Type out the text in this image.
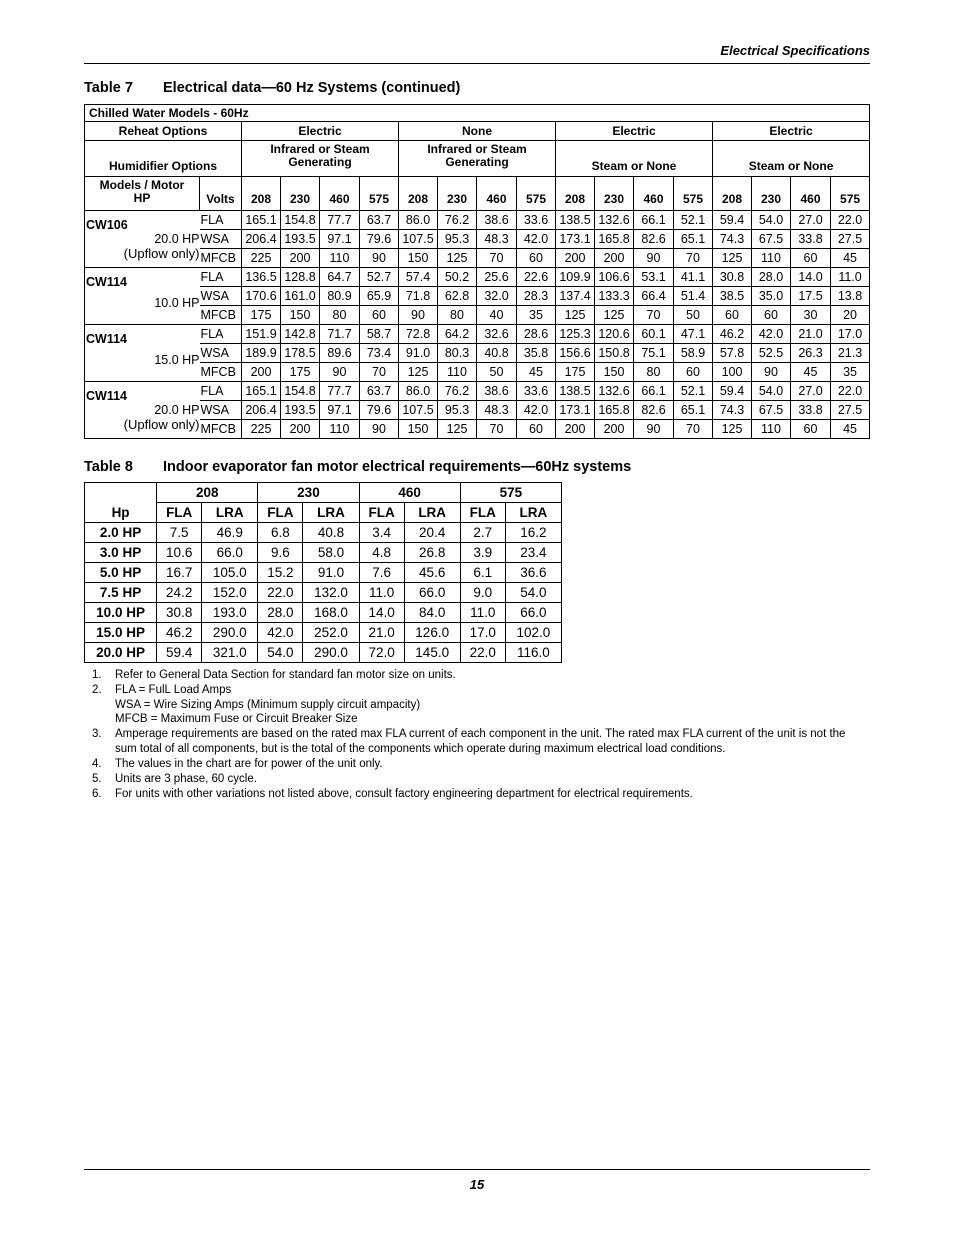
Electrical Specifications
Table 7 Electrical data—60 Hz Systems (continued)
Chilled Water Models - 60Hz																	
Reheat Options		Electric				None				Electric				Electric			
Humidifier Options		Infrared or Steam Generating				Infrared or Steam Generating				Steam or None				Steam or None			
Models / Motor HP	Volts	208	230	460	575	208	230	460	575	208	230	460	575	208	230	460	575

CW106
20.0 HP
(Upflow only)	FLA	165.1	154.8	77.7	63.7	86.0	76.2	38.6	33.6	138.5	132.6	66.1	52.1	59.4	54.0	27.0	22.0
	WSA	206.4	193.5	97.1	79.6	107.5	95.3	48.3	42.0	173.1	165.8	82.6	65.1	74.3	67.5	33.8	27.5
	MFCB	225	200	110	90	150	125	70	60	200	200	90	70	125	110	60	45

CW114
10.0 HP	FLA	136.5	128.8	64.7	52.7	57.4	50.2	25.6	22.6	109.9	106.6	53.1	41.1	30.8	28.0	14.0	11.0
	WSA	170.6	161.0	80.9	65.9	71.8	62.8	32.0	28.3	137.4	133.3	66.4	51.4	38.5	35.0	17.5	13.8
	MFCB	175	150	80	60	90	80	40	35	125	125	70	50	60	60	30	20

CW114
15.0 HP	FLA	151.9	142.8	71.7	58.7	72.8	64.2	32.6	28.6	125.3	120.6	60.1	47.1	46.2	42.0	21.0	17.0
	WSA	189.9	178.5	89.6	73.4	91.0	80.3	40.8	35.8	156.6	150.8	75.1	58.9	57.8	52.5	26.3	21.3
	MFCB	200	175	90	70	125	110	50	45	175	150	80	60	100	90	45	35

CW114
20.0 HP
(Upflow only)	FLA	165.1	154.8	77.7	63.7	86.0	76.2	38.6	33.6	138.5	132.6	66.1	52.1	59.4	54.0	27.0	22.0
	WSA	206.4	193.5	97.1	79.6	107.5	95.3	48.3	42.0	173.1	165.8	82.6	65.1	74.3	67.5	33.8	27.5
	MFCB	225	200	110	90	150	125	70	60	200	200	90	70	125	110	60	45
Table 8 Indoor evaporator fan motor electrical requirements—60Hz systems
Hp	208		230		460		575	
	FLA	LRA	FLA	LRA	FLA	LRA	FLA	LRA
2.0 HP	7.5	46.9	6.8	40.8	3.4	20.4	2.7	16.2
3.0 HP	10.6	66.0	9.6	58.0	4.8	26.8	3.9	23.4
5.0 HP	16.7	105.0	15.2	91.0	7.6	45.6	6.1	36.6
7.5 HP	24.2	152.0	22.0	132.0	11.0	66.0	9.0	54.0
10.0 HP	30.8	193.0	28.0	168.0	14.0	84.0	11.0	66.0
15.0 HP	46.2	290.0	42.0	252.0	21.0	126.0	17.0	102.0
20.0 HP	59.4	321.0	54.0	290.0	72.0	145.0	22.0	116.0
1.	Refer to General Data Section for standard fan motor size on units.
2.	FLA = FulL Load Amps
WSA = Wire Sizing Amps (Minimum supply circuit ampacity)
MFCB = Maximum Fuse or Circuit Breaker Size
3.	Amperage requirements are based on the rated max FLA current of each component in the unit. The rated max FLA current of the unit is not the sum total of all components, but is the total of the components which operate during maximum electrical load conditions.
4.	The values in the chart are for power of the unit only.
5.	Units are 3 phase, 60 cycle.
6.	For units with other variations not listed above, consult factory engineering department for electrical requirements.
15
